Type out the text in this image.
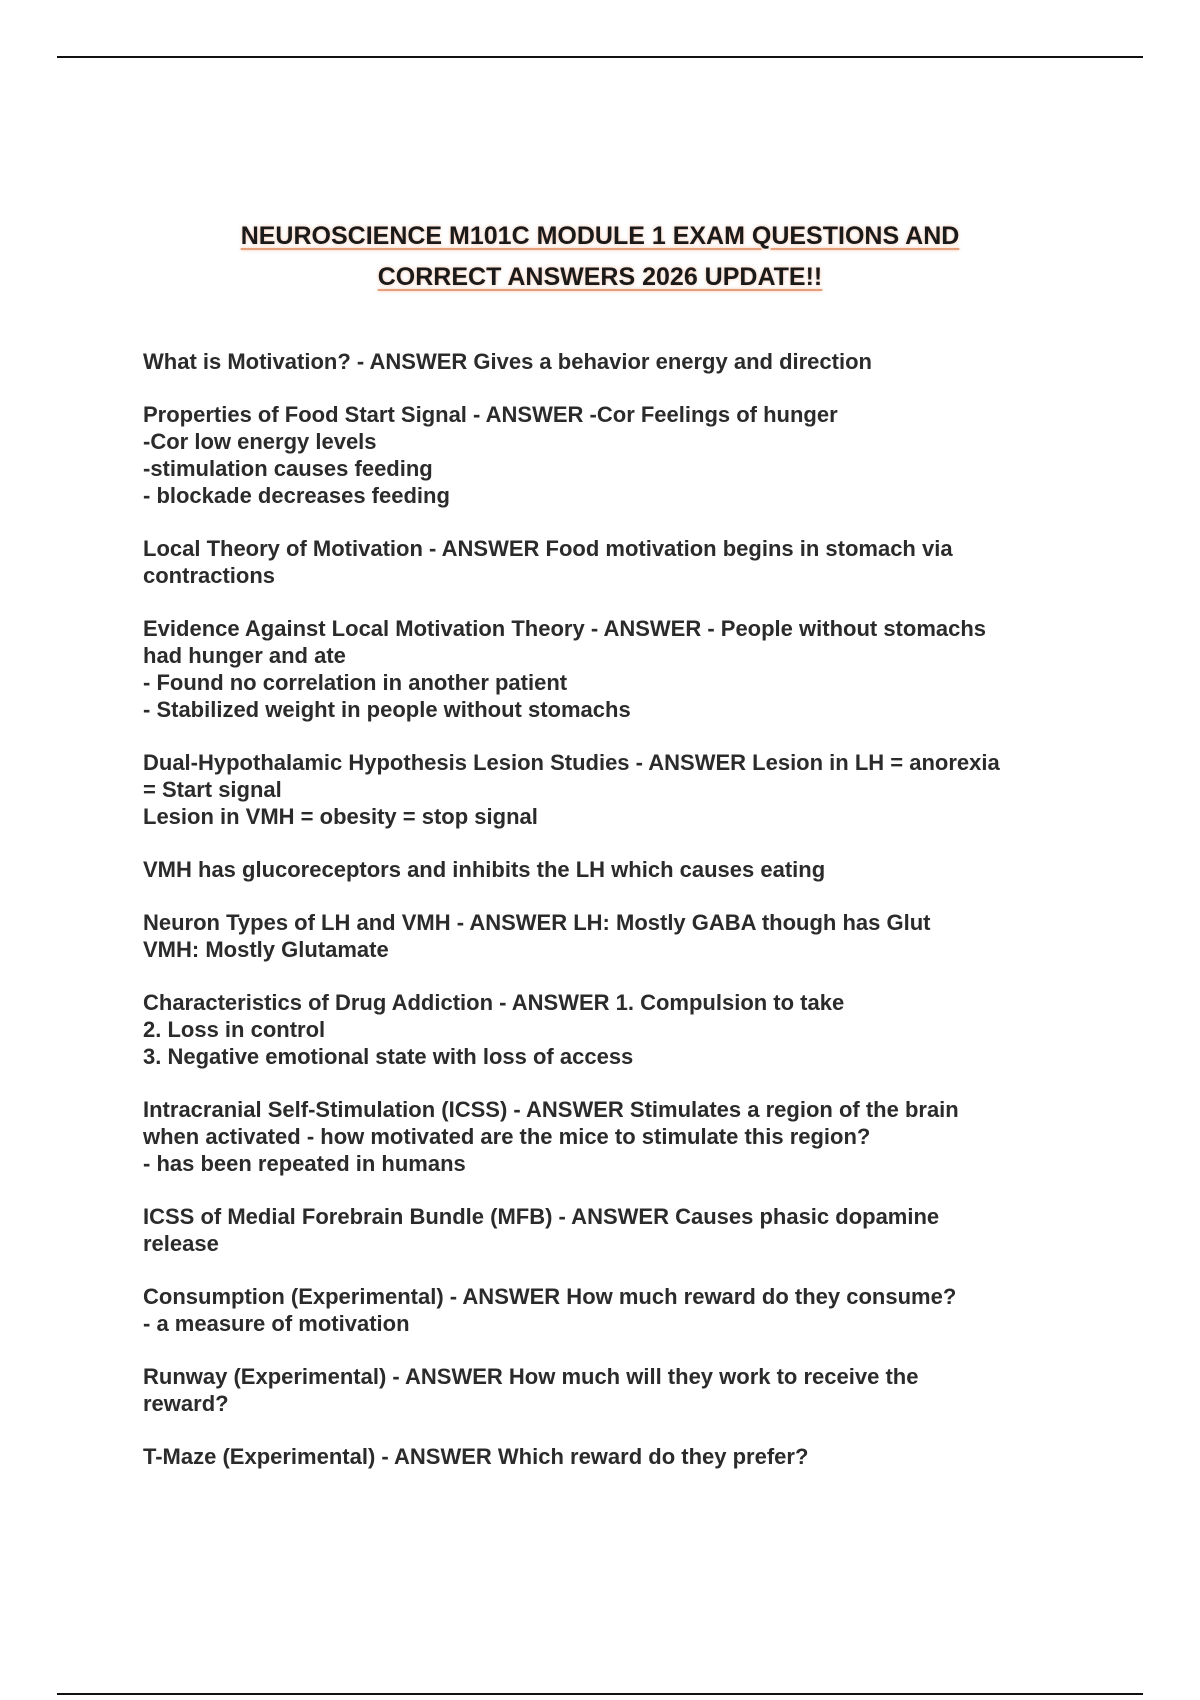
NEUROSCIENCE M101C MODULE 1 EXAM QUESTIONS AND
CORRECT ANSWERS 2026 UPDATE!!

What is Motivation? - ANSWER Gives a behavior energy and direction

Properties of Food Start Signal - ANSWER -Cor Feelings of hunger

-Cor low energy levels

-stimulation causes feeding

- blockade decreases feeding

Local Theory of Motivation - ANSWER Food motivation begins in stomach via

contractions

Evidence Against Local Motivation Theory - ANSWER - People without stomachs

had hunger and ate

- Found no correlation in another patient

- Stabilized weight in people without stomachs

Dual-Hypothalamic Hypothesis Lesion Studies - ANSWER Lesion in LH = anorexia

= Start signal

Lesion in VMH = obesity = stop signal

VMH has glucoreceptors and inhibits the LH which causes eating

Neuron Types of LH and VMH - ANSWER LH: Mostly GABA though has Glut

VMH: Mostly Glutamate

Characteristics of Drug Addiction - ANSWER 1. Compulsion to take

2. Loss in control

3. Negative emotional state with loss of access

Intracranial Self-Stimulation (ICSS) - ANSWER Stimulates a region of the brain

when activated - how motivated are the mice to stimulate this region?

- has been repeated in humans

ICSS of Medial Forebrain Bundle (MFB) - ANSWER Causes phasic dopamine

release

Consumption (Experimental) - ANSWER How much reward do they consume?

- a measure of motivation

Runway (Experimental) - ANSWER How much will they work to receive the

reward?

T-Maze (Experimental) - ANSWER Which reward do they prefer?
